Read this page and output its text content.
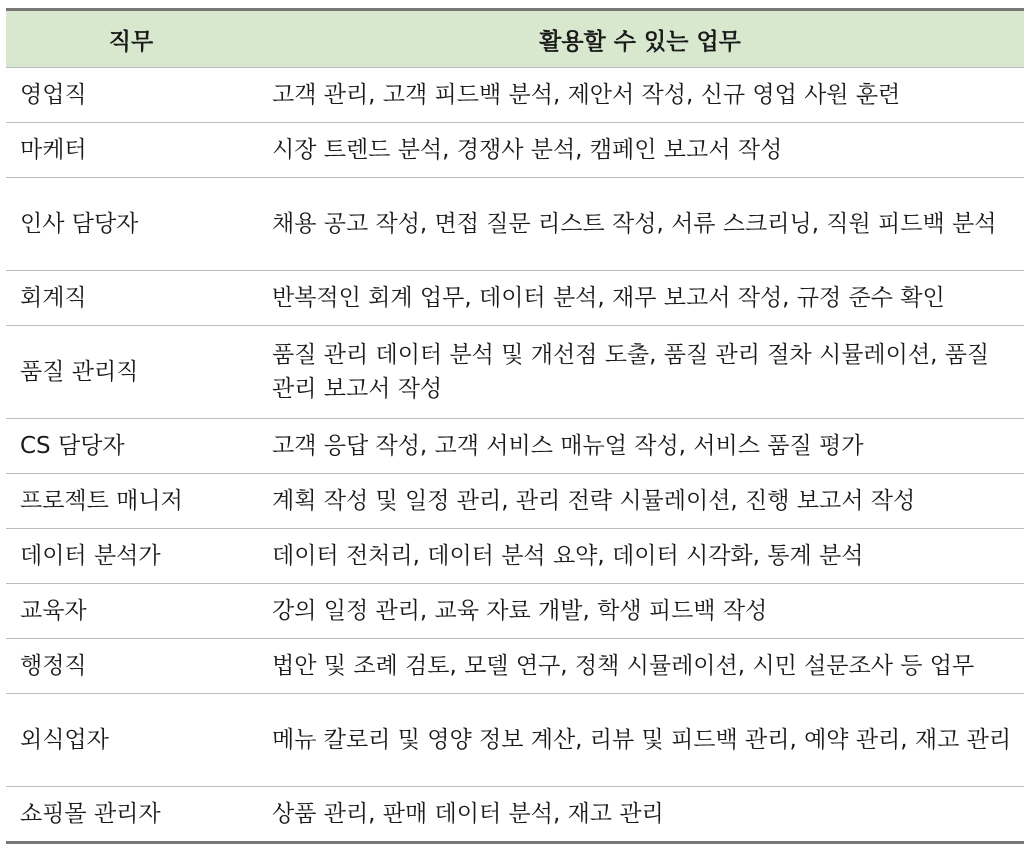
직무	활용할 수 있는 업무
영업직	고객 관리, 고객 피드백 분석, 제안서 작성, 신규 영업 사원 훈련
마케터	시장 트렌드 분석, 경쟁사 분석, 캠페인 보고서 작성
인사 담당자	채용 공고 작성, 면접 질문 리스트 작성, 서류 스크리닝, 직원 피드백 분석
회계직	반복적인 회계 업무, 데이터 분석, 재무 보고서 작성, 규정 준수 확인
품질 관리직	품질 관리 데이터 분석 및 개선점 도출, 품질 관리 절차 시뮬레이션, 품질 관리 보고서 작성
CS 담당자	고객 응답 작성, 고객 서비스 매뉴얼 작성, 서비스 품질 평가
프로젝트 매니저	계획 작성 및 일정 관리, 관리 전략 시뮬레이션, 진행 보고서 작성
데이터 분석가	데이터 전처리, 데이터 분석 요약, 데이터 시각화, 통계 분석
교육자	강의 일정 관리, 교육 자료 개발, 학생 피드백 작성
행정직	법안 및 조례 검토, 모델 연구, 정책 시뮬레이션, 시민 설문조사 등 업무
외식업자	메뉴 칼로리 및 영양 정보 계산, 리뷰 및 피드백 관리, 예약 관리, 재고 관리
쇼핑몰 관리자	상품 관리, 판매 데이터 분석, 재고 관리
